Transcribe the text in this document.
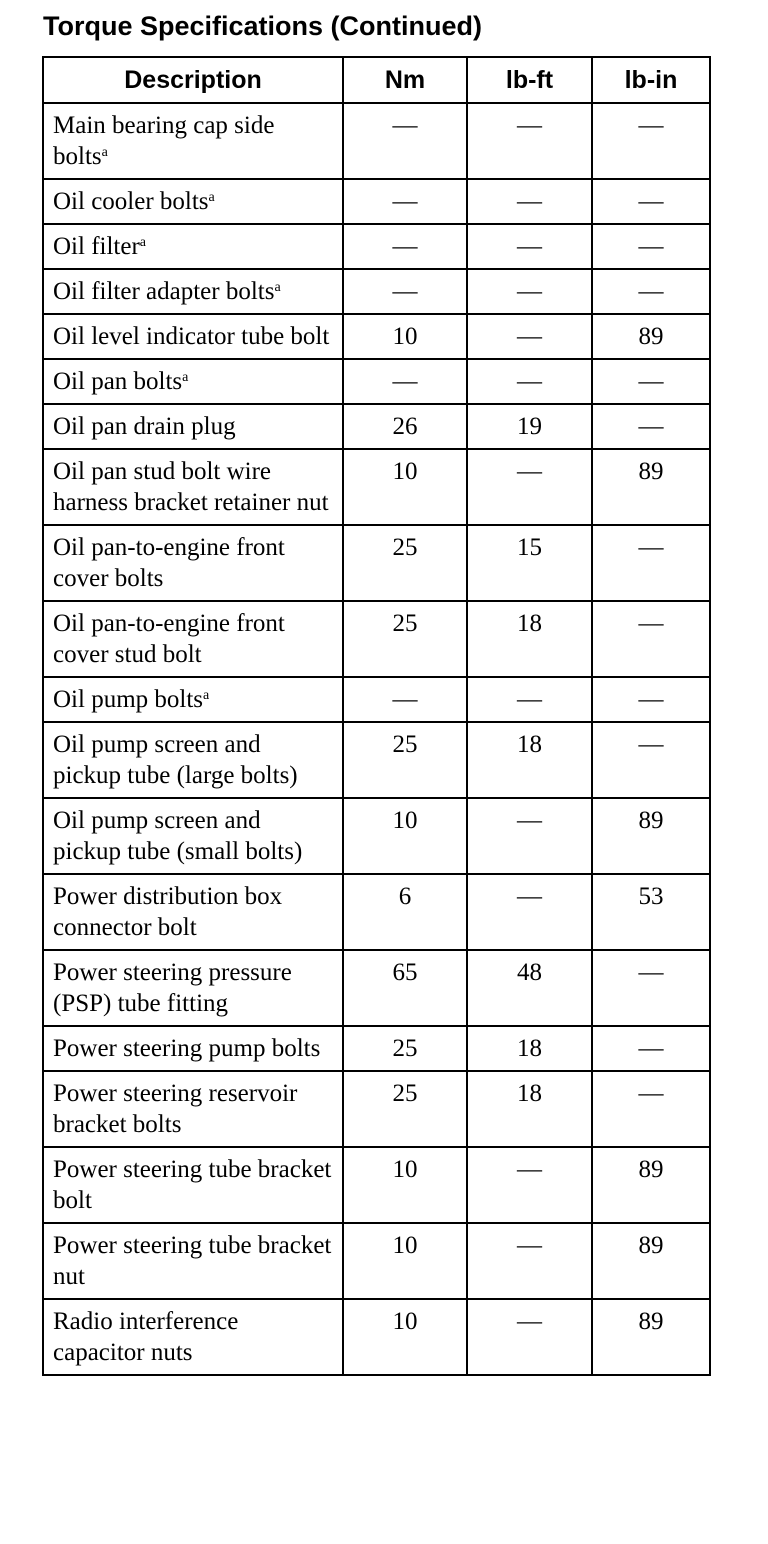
Torque Specifications (Continued)
Description	Nm	lb-ft	lb-in
Main bearing cap side bolts$^a$	—	—	—
Oil cooler bolts$^a$	—	—	—
Oil filter$^a$	—	—	—
Oil filter adapter bolts$^a$	—	—	—
Oil level indicator tube bolt	10	—	89
Oil pan bolts$^a$	—	—	—
Oil pan drain plug	26	19	—
Oil pan stud bolt wire harness bracket retainer nut	10	—	89
Oil pan-to-engine front cover bolts	25	15	—
Oil pan-to-engine front cover stud bolt	25	18	—
Oil pump bolts$^a$	—	—	—
Oil pump screen and pickup tube (large bolts)	25	18	—
Oil pump screen and pickup tube (small bolts)	10	—	89
Power distribution box connector bolt	6	—	53
Power steering pressure (PSP) tube fitting	65	48	—
Power steering pump bolts	25	18	—
Power steering reservoir bracket bolts	25	18	—
Power steering tube bracket bolt	10	—	89
Power steering tube bracket nut	10	—	89
Radio interference capacitor nuts	10	—	89
